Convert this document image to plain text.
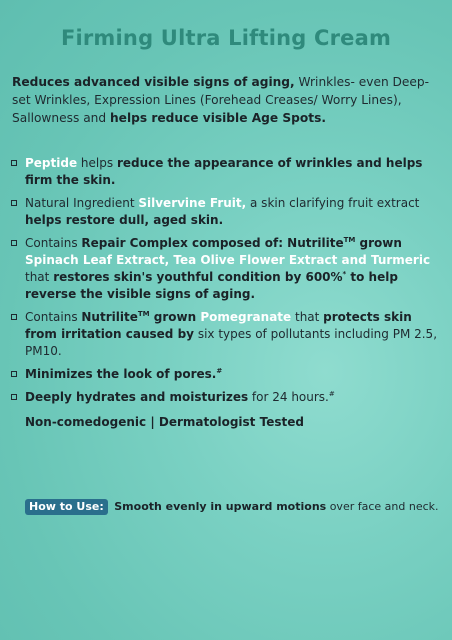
Firming Ultra Lifting Cream
Reduces advanced visible signs of aging, Wrinkles- even Deep-set Wrinkles, Expression Lines (Forehead Creases/ Worry Lines), Sallowness and helps reduce visible Age Spots.
Peptide helps reduce the appearance of wrinkles and helps firm the skin.
Natural Ingredient Silvervine Fruit, a skin clarifying fruit extract helps restore dull, aged skin.
Contains Repair Complex composed of: Nutrilite™ grown Spinach Leaf Extract, Tea Olive Flower Extract and Turmeric that restores skin's youthful condition by 600%* to help reverse the visible signs of aging.
Contains Nutrilite™ grown Pomegranate that protects skin from irritation caused by six types of pollutants including PM 2.5, PM10.
Minimizes the look of pores.#
Deeply hydrates and moisturizes for 24 hours.#
Non-comedogenic | Dermatologist Tested
How to Use: Smooth evenly in upward motions over face and neck.
